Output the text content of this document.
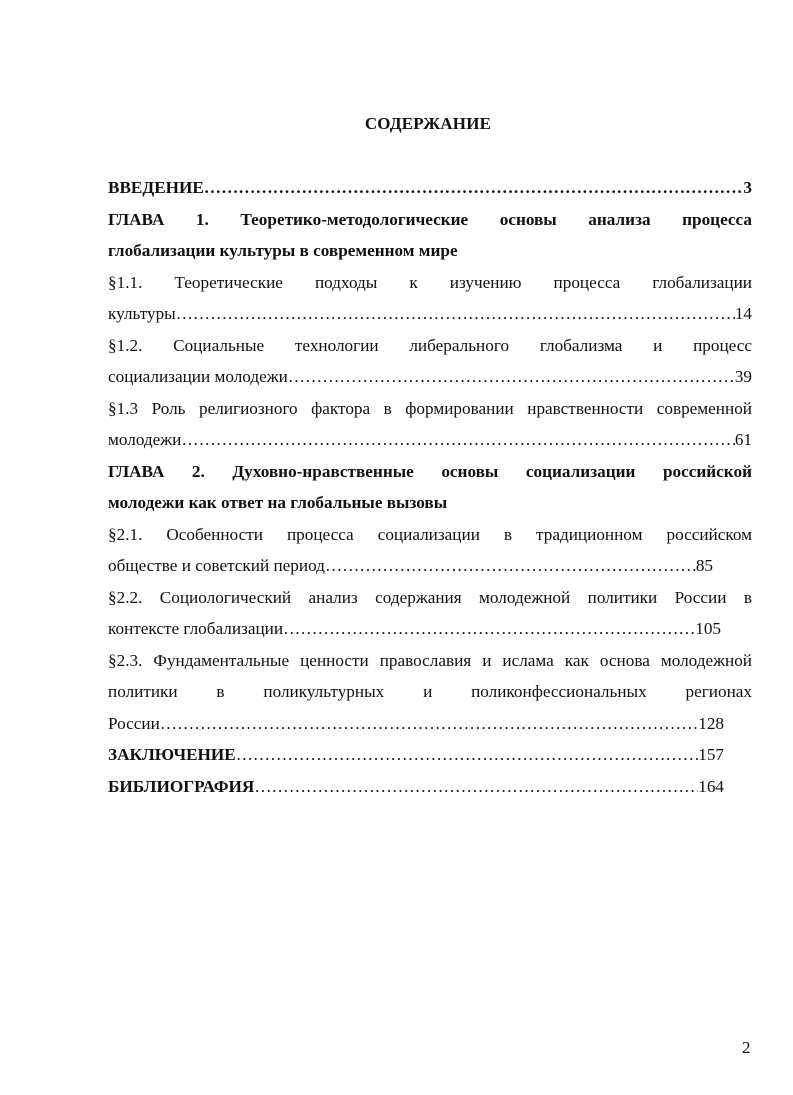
СОДЕРЖАНИЕ
ВВЕДЕНИЕ ……………………………………………………………………………………………………………………………………………………………………	3
ГЛАВА 1. Теоретико-методологические основы анализа процесса
глобализации культуры в современном мире
§1.1. Теоретические подходы к изучению процесса глобализации
культуры ……………………………………………………………………………………………………………………………………………………………………	14
§1.2. Социальные технологии либерального глобализма и процесс
социализации молодежи ……………………………………………………………………………………………………………………………………………………………………	39
§1.3 Роль религиозного фактора в формировании нравственности современной
молодежи ……………………………………………………………………………………………………………………………………………………………………	61
ГЛАВА 2. Духовно-нравственные основы социализации российской
молодежи как ответ на глобальные вызовы
§2.1. Особенности процесса социализации в традиционном российском
обществе и советский период ……………………………………………………………………………………………………………………………………………………………………	85
§2.2. Социологический анализ содержания молодежной политики России в
контексте глобализации ……………………………………………………………………………………………………………………………………………………………………	105
§2.3. Фундаментальные ценности православия и ислама как основа молодежной
политики в поликультурных и поликонфессиональных регионах
России ……………………………………………………………………………………………………………………………………………………………………	128
ЗАКЛЮЧЕНИЕ ……………………………………………………………………………………………………………………………………………………………………	157
БИБЛИОГРАФИЯ ……………………………………………………………………………………………………………………………………………………………………	164
2
